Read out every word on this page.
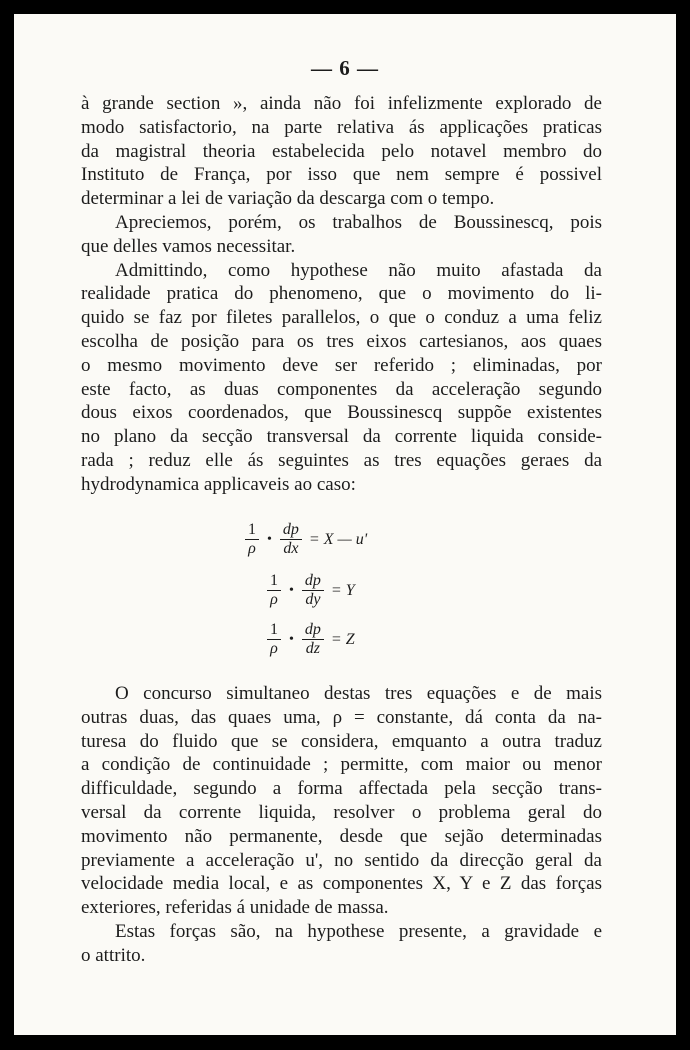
— 6 —
à grande section », ainda não foi infelizmente explorado de
modo satisfactorio, na parte relativa ás applicações praticas
da magistral theoria estabelecida pelo notavel membro do
Instituto de França, por isso que nem sempre é possivel
determinar a lei de variação da descarga com o tempo.
Apreciemos, porém, os trabalhos de Boussinescq, pois
que delles vamos necessitar.
Admittindo, como hypothese não muito afastada da
realidade pratica do phenomeno, que o movimento do li-
quido se faz por filetes parallelos, o que o conduz a uma feliz
escolha de posição para os tres eixos cartesianos, aos quaes
o mesmo movimento deve ser referido ; eliminadas, por
este facto, as duas componentes da acceleração segundo
dous eixos coordenados, que Boussinescq suppõe existentes
no plano da secção transversal da corrente liquida conside-
rada ; reduz elle ás seguintes as tres equações geraes da
hydrodynamica applicaveis ao caso:
$\frac{1}{\rho}$ • $\frac{dp}{dx} = X$ — u'
$\frac{1}{\rho}$ • $\frac{dp}{dy} = Y$
$\frac{1}{\rho}$ • $\frac{dp}{dz} = Z$
O concurso simultaneo destas tres equações e de mais
outras duas, das quaes uma, ρ = constante, dá conta da na-
turesa do fluido que se considera, emquanto a outra traduz
a condição de continuidade ; permitte, com maior ou menor
difficuldade, segundo a forma affectada pela secção trans-
versal da corrente liquida, resolver o problema geral do
movimento não permanente, desde que sejão determinadas
previamente a acceleração u', no sentido da direcção geral da
velocidade media local, e as componentes X, Y e Z das forças
exteriores, referidas á unidade de massa.
Estas forças são, na hypothese presente, a gravidade e
o attrito.
